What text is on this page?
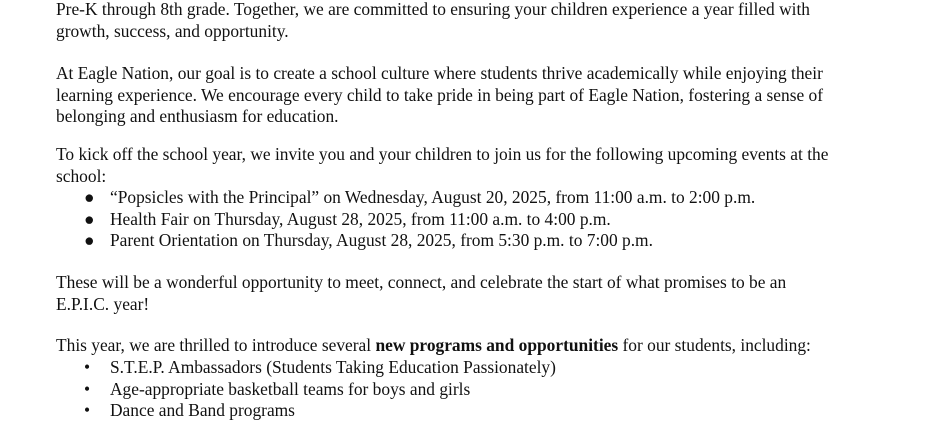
Pre-K through 8th grade. Together, we are committed to ensuring your children experience a year filled with
growth, success, and opportunity.
At Eagle Nation, our goal is to create a school culture where students thrive academically while enjoying their
learning experience. We encourage every child to take pride in being part of Eagle Nation, fostering a sense of
belonging and enthusiasm for education.
To kick off the school year, we invite you and your children to join us for the following upcoming events at the
school:
● “Popsicles with the Principal” on Wednesday, August 20, 2025, from 11:00 a.m. to 2:00 p.m.
● Health Fair on Thursday, August 28, 2025, from 11:00 a.m. to 4:00 p.m.
● Parent Orientation on Thursday, August 28, 2025, from 5:30 p.m. to 7:00 p.m.
These will be a wonderful opportunity to meet, connect, and celebrate the start of what promises to be an
E.P.I.C. year!
This year, we are thrilled to introduce several new programs and opportunities for our students, including:
• S.T.E.P. Ambassadors (Students Taking Education Passionately)
• Age-appropriate basketball teams for boys and girls
• Dance and Band programs
